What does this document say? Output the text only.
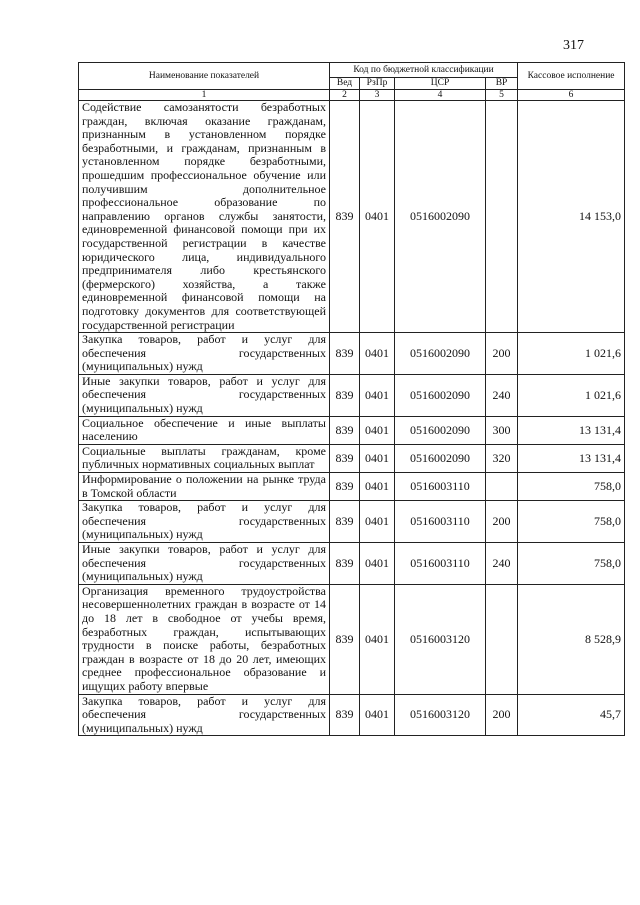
317
Наименование показателей	Код по бюджетной классификации				Кассовое исполнение
	Вед	РзПр	ЦСР	ВР	
1	2	3	4	5	6
Содействие самозанятости безработных граждан, включая оказание гражданам, признанным в установленном порядке безработными, и гражданам, признанным в установленном порядке безработными, прошедшим профессиональное обучение или получившим дополнительное профессиональное образование по направлению органов службы занятости, единовременной финансовой помощи при их государственной регистрации в качестве юридического лица, индивидуального предпринимателя либо крестьянского (фермерского) хозяйства, а также единовременной финансовой помощи на подготовку документов для соответствующей государственной регистрации	839	0401	0516002090		14 153,0
Закупка товаров, работ и услуг для обеспечения государственных (муниципальных) нужд	839	0401	0516002090	200	1 021,6
Иные закупки товаров, работ и услуг для обеспечения государственных (муниципальных) нужд	839	0401	0516002090	240	1 021,6
Социальное обеспечение и иные выплаты населению	839	0401	0516002090	300	13 131,4
Социальные выплаты гражданам, кроме публичных нормативных социальных выплат	839	0401	0516002090	320	13 131,4
Информирование о положении на рынке труда в Томской области	839	0401	0516003110		758,0
Закупка товаров, работ и услуг для обеспечения государственных (муниципальных) нужд	839	0401	0516003110	200	758,0
Иные закупки товаров, работ и услуг для обеспечения государственных (муниципальных) нужд	839	0401	0516003110	240	758,0
Организация временного трудоустройства несовершеннолетних граждан в возрасте от 14 до 18 лет в свободное от учебы время, безработных граждан, испытывающих трудности в поиске работы, безработных граждан в возрасте от 18 до 20 лет, имеющих среднее профессиональное образование и ищущих работу впервые	839	0401	0516003120		8 528,9
Закупка товаров, работ и услуг для обеспечения государственных (муниципальных) нужд	839	0401	0516003120	200	45,7
